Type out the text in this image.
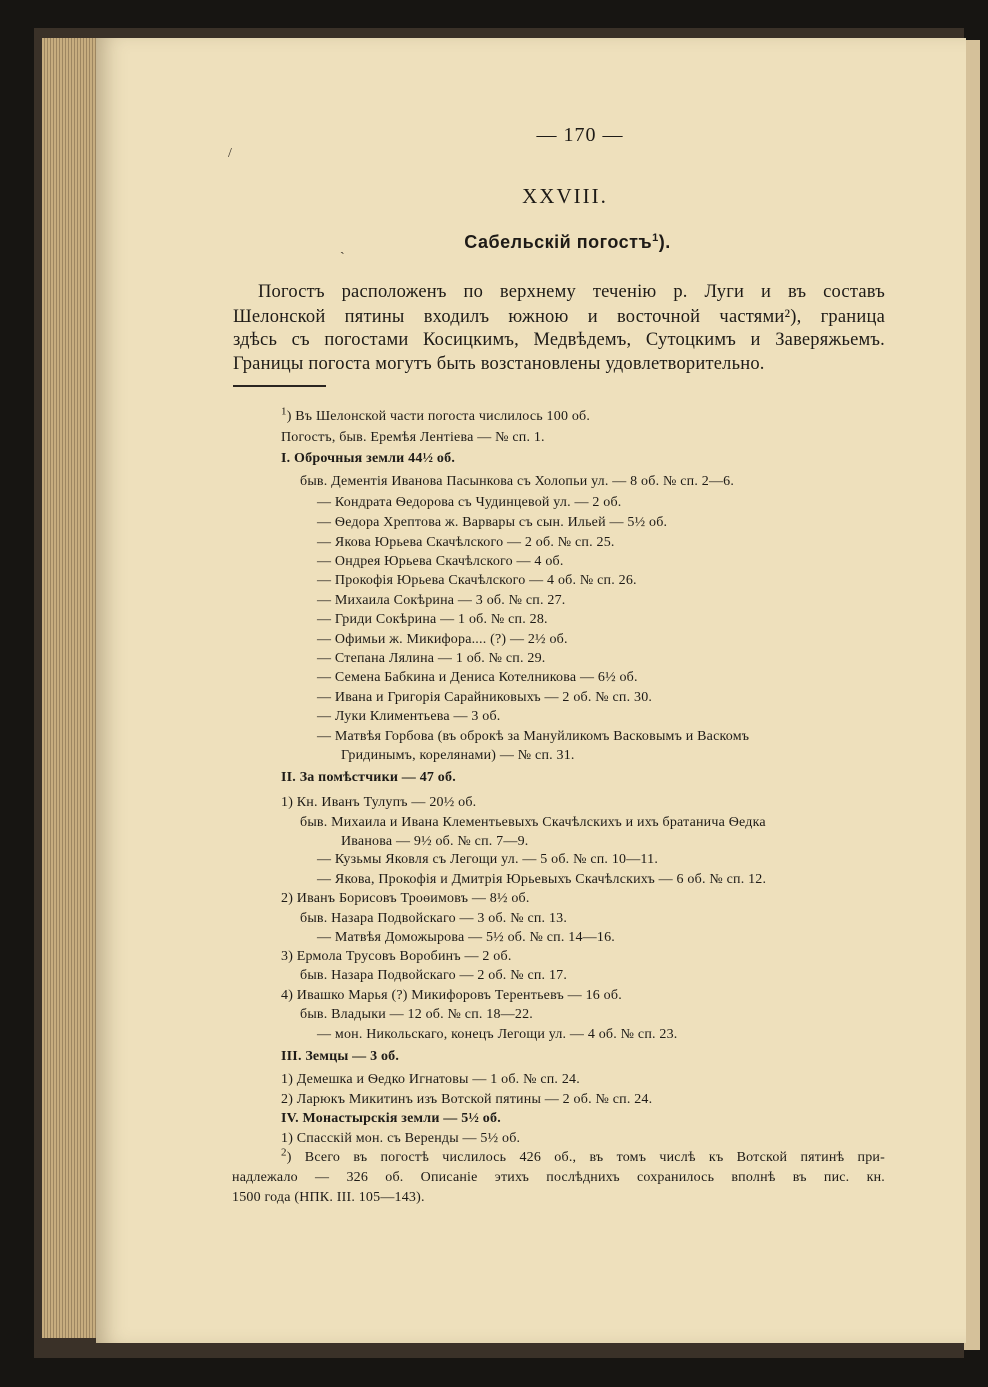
/
ˏ
— 170 —
XXVIII.
Сабельскій погостъ$^1$).
Погостъ расположенъ по верхнему теченію р. Луги и въ составъ
Шелонской пятины входилъ южною и восточной частями²), границa
здѣсь съ погостами Косицкимъ, Медвѣдемъ, Сутоцкимъ и Заверяжьемъ.
Границы погоста могутъ быть возстановлены удовлетворительно.
$^1$) Въ Шелонской части погоста числилось 100 об.
Погостъ, быв. Еремѣя Лентіева — № сп. 1.
I. Оброчныя земли 44½ об.
быв. Дементія Иванова Пасынкова съ Холопьи ул. — 8 об. № сп. 2—6.
— Кондрата Ѳедорова съ Чудинцевой ул. — 2 об.
— Ѳедора Хрептова ж. Варвары съ сын. Ильей — 5½ об.
— Якова Юрьева Скачѣлского — 2 об. № сп. 25.
— Ондрея Юрьева Скачѣлского — 4 об.
— Прокофія Юрьева Скачѣлского — 4 об. № сп. 26.
— Михаила Сокѣрина — 3 об. № сп. 27.
— Гриди Сокѣрина — 1 об. № сп. 28.
— Офимьи ж. Микифора.... (?) — 2½ об.
— Степана Лялина — 1 об. № сп. 29.
— Семена Бабкина и Дениса Котелникова — 6½ об.
— Ивана и Григорія Сарайниковыхъ — 2 об. № сп. 30.
— Луки Климентьева — 3 об.
— Матвѣя Горбова (въ оброкѣ за Мануйликомъ Васковымъ и Васкомъ
Гридинымъ, корелянами) — № сп. 31.
II. За помѣстчики — 47 об.
1) Кн. Иванъ Тулупъ — 20½ об.
быв. Михаила и Ивана Клементьевыхъ Скачѣлскихъ и ихъ братанича Ѳедка
Иванова — 9½ об. № сп. 7—9.
— Кузьмы Яковля съ Легощи ул. — 5 об. № сп. 10—11.
— Якова, Прокофія и Дмитрія Юрьевыхъ Скачѣлскихъ — 6 об. № сп. 12.
2) Иванъ Борисовъ Троѳимовъ — 8½ об.
быв. Назара Подвойскаго — 3 об. № сп. 13.
— Матвѣя Доможырова — 5½ об. № сп. 14—16.
3) Ермола Трусовъ Воробинъ — 2 об.
быв. Назара Подвойскаго — 2 об. № сп. 17.
4) Ивашко Марья (?) Микифоровъ Терентьевъ — 16 об.
быв. Владыки — 12 об. № сп. 18—22.
— мон. Никольскаго, конецъ Легощи ул. — 4 об. № сп. 23.
III. Земцы — 3 об.
1) Демешка и Ѳедко Игнатовы — 1 об. № сп. 24.
2) Ларюкъ Микитинъ изъ Вотской пятины — 2 об. № сп. 24.
IV. Монастырскія земли — 5½ об.
1) Спасскій мон. съ Веренды — 5½ об.
$^2$) Всего въ погостѣ числилось 426 об., въ томъ числѣ къ Вотской пятинѣ при-
надлежало — 326 об. Описаніе этихъ послѣднихъ сохранилось вполнѣ въ пис. кн.
1500 года (НПК. III. 105—143).
